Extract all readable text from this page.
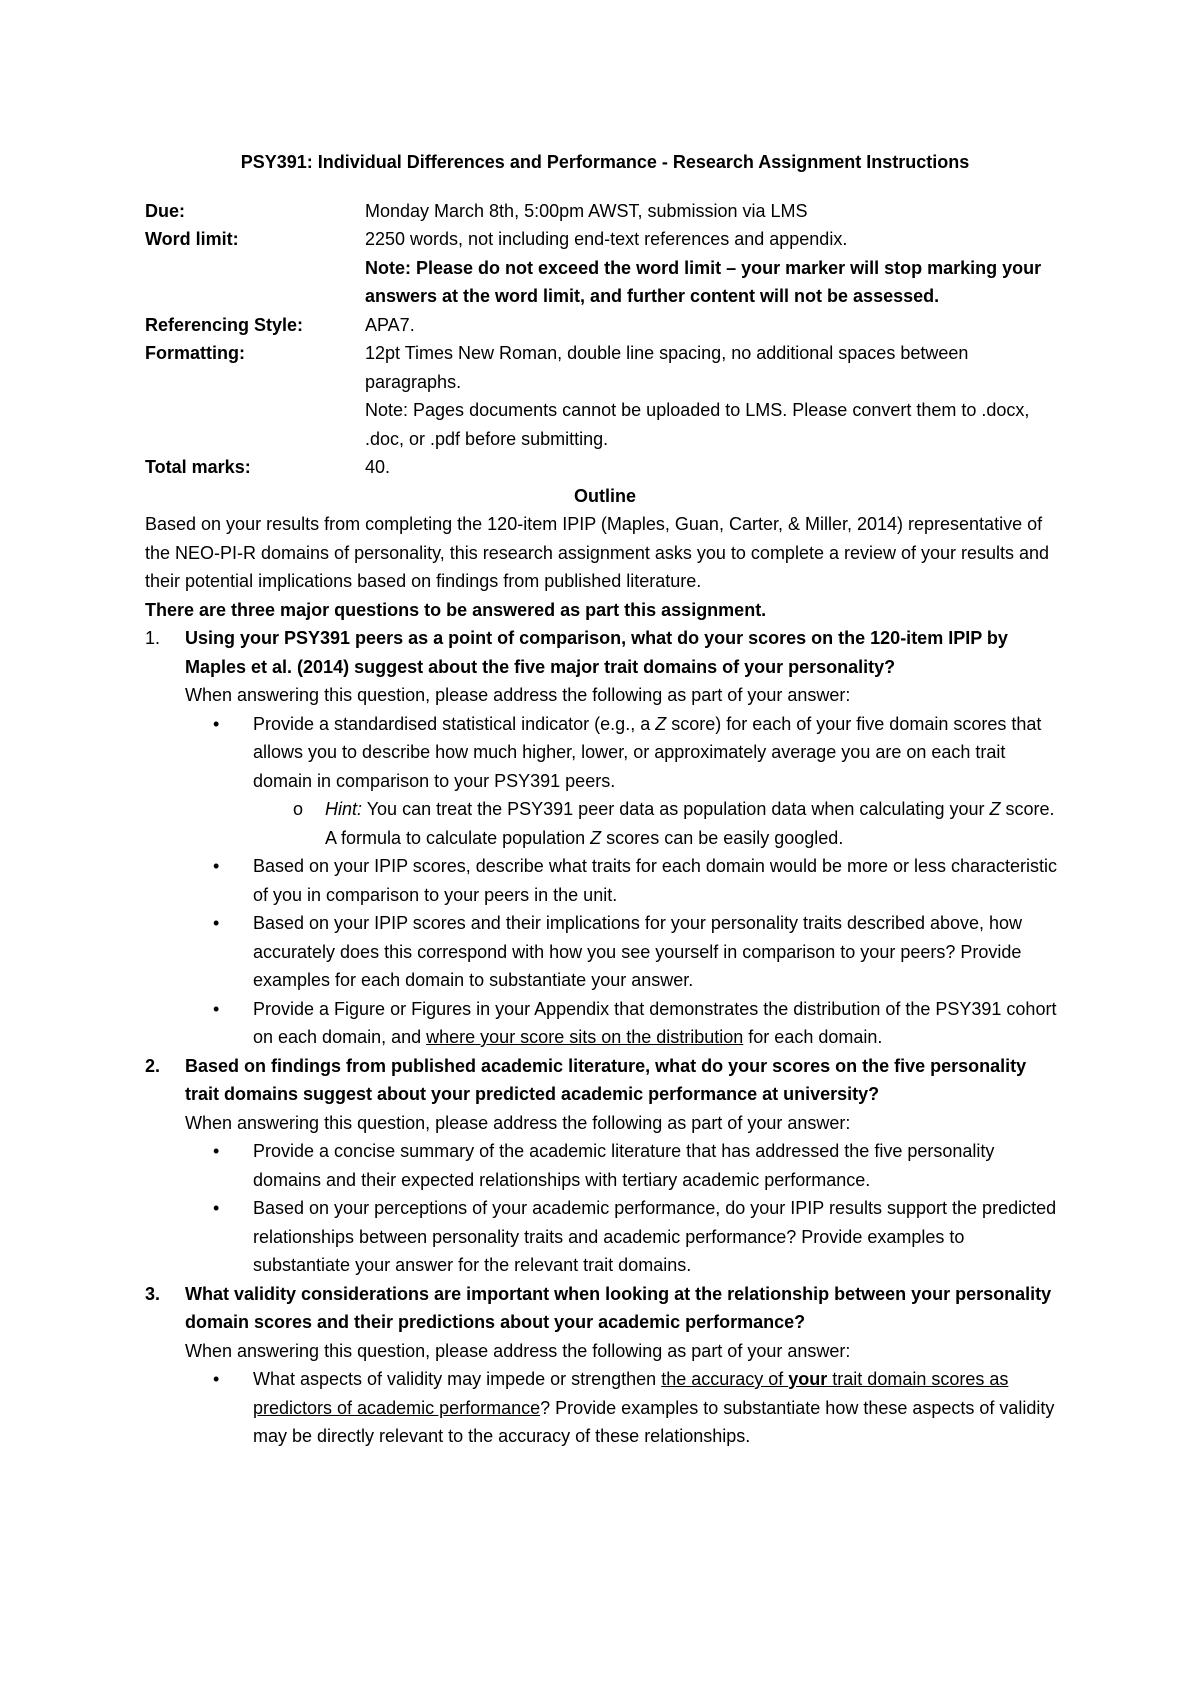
PSY391: Individual Differences and Performance - Research Assignment Instructions
Due:	Monday March 8th, 5:00pm AWST, submission via LMS
Word limit:	2250 words, not including end-text references and appendix.
Note: Please do not exceed the word limit – your marker will stop marking your answers at the word limit, and further content will not be assessed.
Referencing Style:	APA7.
Formatting:	12pt Times New Roman, double line spacing, no additional spaces between paragraphs.
Note: Pages documents cannot be uploaded to LMS. Please convert them to .docx, .doc, or .pdf before submitting.
Total marks:	40.
Outline
Based on your results from completing the 120-item IPIP (Maples, Guan, Carter, & Miller, 2014) representative of the NEO-PI-R domains of personality, this research assignment asks you to complete a review of your results and their potential implications based on findings from published literature.
There are three major questions to be answered as part this assignment.
1.	Using your PSY391 peers as a point of comparison, what do your scores on the 120-item IPIP by Maples et al. (2014) suggest about the five major trait domains of your personality?
When answering this question, please address the following as part of your answer:
•	Provide a standardised statistical indicator (e.g., a Z score) for each of your five domain scores that allows you to describe how much higher, lower, or approximately average you are on each trait domain in comparison to your PSY391 peers.
o	Hint: You can treat the PSY391 peer data as population data when calculating your Z score. A formula to calculate population Z scores can be easily googled.
•	Based on your IPIP scores, describe what traits for each domain would be more or less characteristic of you in comparison to your peers in the unit.
•	Based on your IPIP scores and their implications for your personality traits described above, how accurately does this correspond with how you see yourself in comparison to your peers? Provide examples for each domain to substantiate your answer.
•	Provide a Figure or Figures in your Appendix that demonstrates the distribution of the PSY391 cohort on each domain, and where your score sits on the distribution for each domain.
2.	Based on findings from published academic literature, what do your scores on the five personality trait domains suggest about your predicted academic performance at university?
When answering this question, please address the following as part of your answer:
•	Provide a concise summary of the academic literature that has addressed the five personality domains and their expected relationships with tertiary academic performance.
•	Based on your perceptions of your academic performance, do your IPIP results support the predicted relationships between personality traits and academic performance? Provide examples to substantiate your answer for the relevant trait domains.
3.	What validity considerations are important when looking at the relationship between your personality domain scores and their predictions about your academic performance?
When answering this question, please address the following as part of your answer:
•	What aspects of validity may impede or strengthen the accuracy of your trait domain scores as predictors of academic performance? Provide examples to substantiate how these aspects of validity may be directly relevant to the accuracy of these relationships.
